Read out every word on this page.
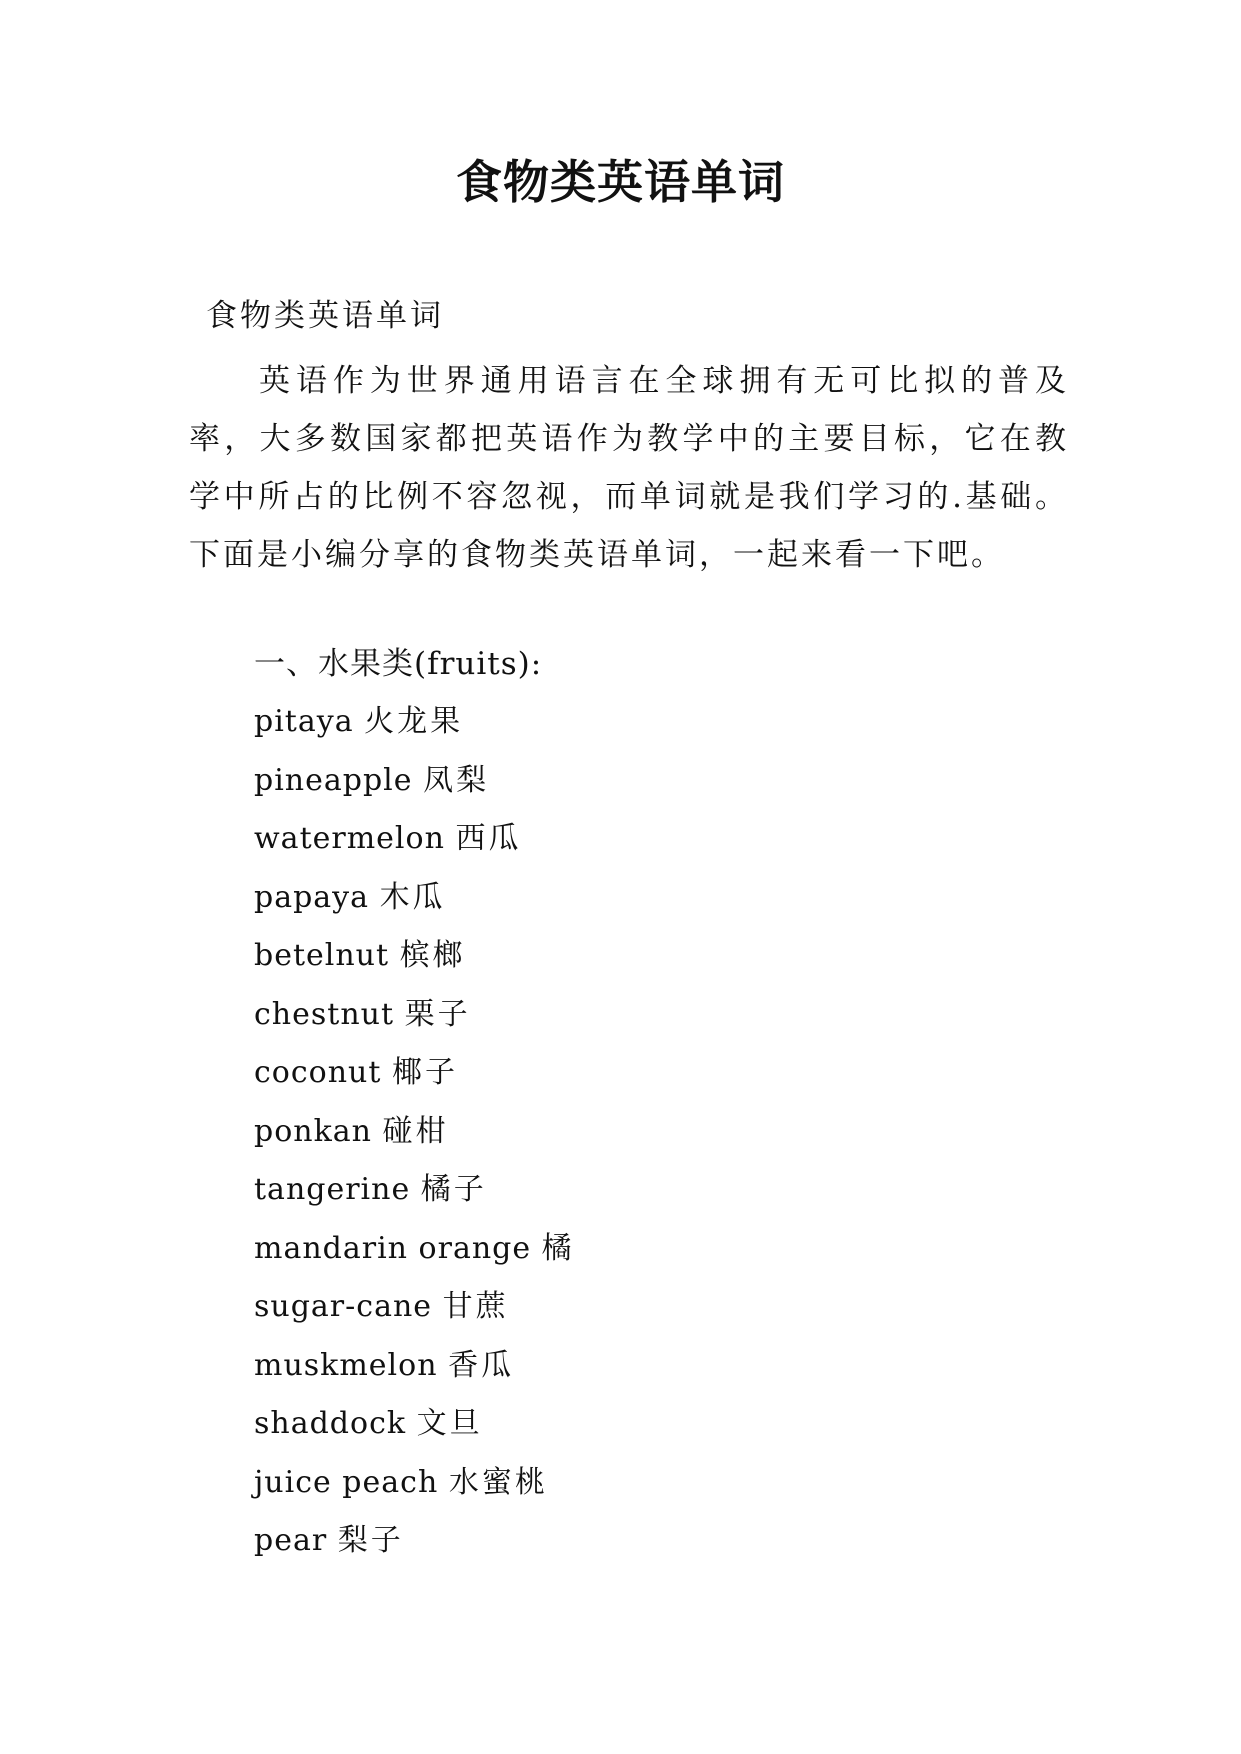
食物类英语单词

食物类英语单词

英语作为世界通用语言在全球拥有无可比拟的普及率，大多数国家都把英语作为教学中的主要目标，它在教学中所占的比例不容忽视，而单词就是我们学习的.基础。下面是小编分享的食物类英语单词，一起来看一下吧。

一、水果类(fruits):

pitaya 火龙果
pineapple 凤梨
watermelon 西瓜
papaya 木瓜
betelnut 槟榔
chestnut 栗子
coconut 椰子
ponkan 碰柑
tangerine 橘子
mandarin orange 橘
sugar-cane 甘蔗
muskmelon 香瓜
shaddock 文旦
juice peach 水蜜桃
pear 梨子
